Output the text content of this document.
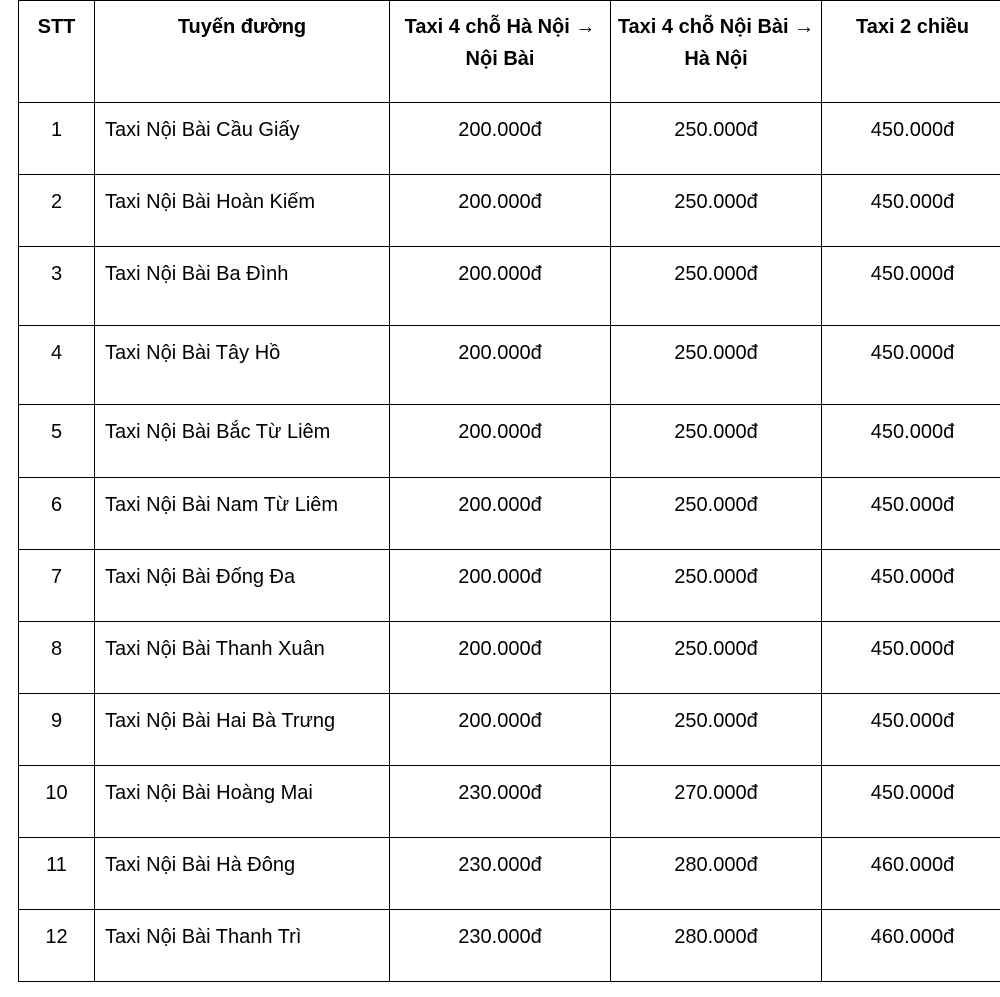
STT	Tuyến đường	Taxi 4 chỗ Hà Nội → Nội Bài	Taxi 4 chỗ Nội Bài → Hà Nội	Taxi 2 chiều
1	Taxi Nội Bài Cầu Giấy	200.000đ	250.000đ	450.000đ
2	Taxi Nội Bài Hoàn Kiếm	200.000đ	250.000đ	450.000đ
3	Taxi Nội Bài Ba Đình	200.000đ	250.000đ	450.000đ
4	Taxi Nội Bài Tây Hồ	200.000đ	250.000đ	450.000đ
5	Taxi Nội Bài Bắc Từ Liêm	200.000đ	250.000đ	450.000đ
6	Taxi Nội Bài Nam Từ Liêm	200.000đ	250.000đ	450.000đ
7	Taxi Nội Bài Đống Đa	200.000đ	250.000đ	450.000đ
8	Taxi Nội Bài Thanh Xuân	200.000đ	250.000đ	450.000đ
9	Taxi Nội Bài Hai Bà Trưng	200.000đ	250.000đ	450.000đ
10	Taxi Nội Bài Hoàng Mai	230.000đ	270.000đ	450.000đ
11	Taxi Nội Bài Hà Đông	230.000đ	280.000đ	460.000đ
12	Taxi Nội Bài Thanh Trì	230.000đ	280.000đ	460.000đ
